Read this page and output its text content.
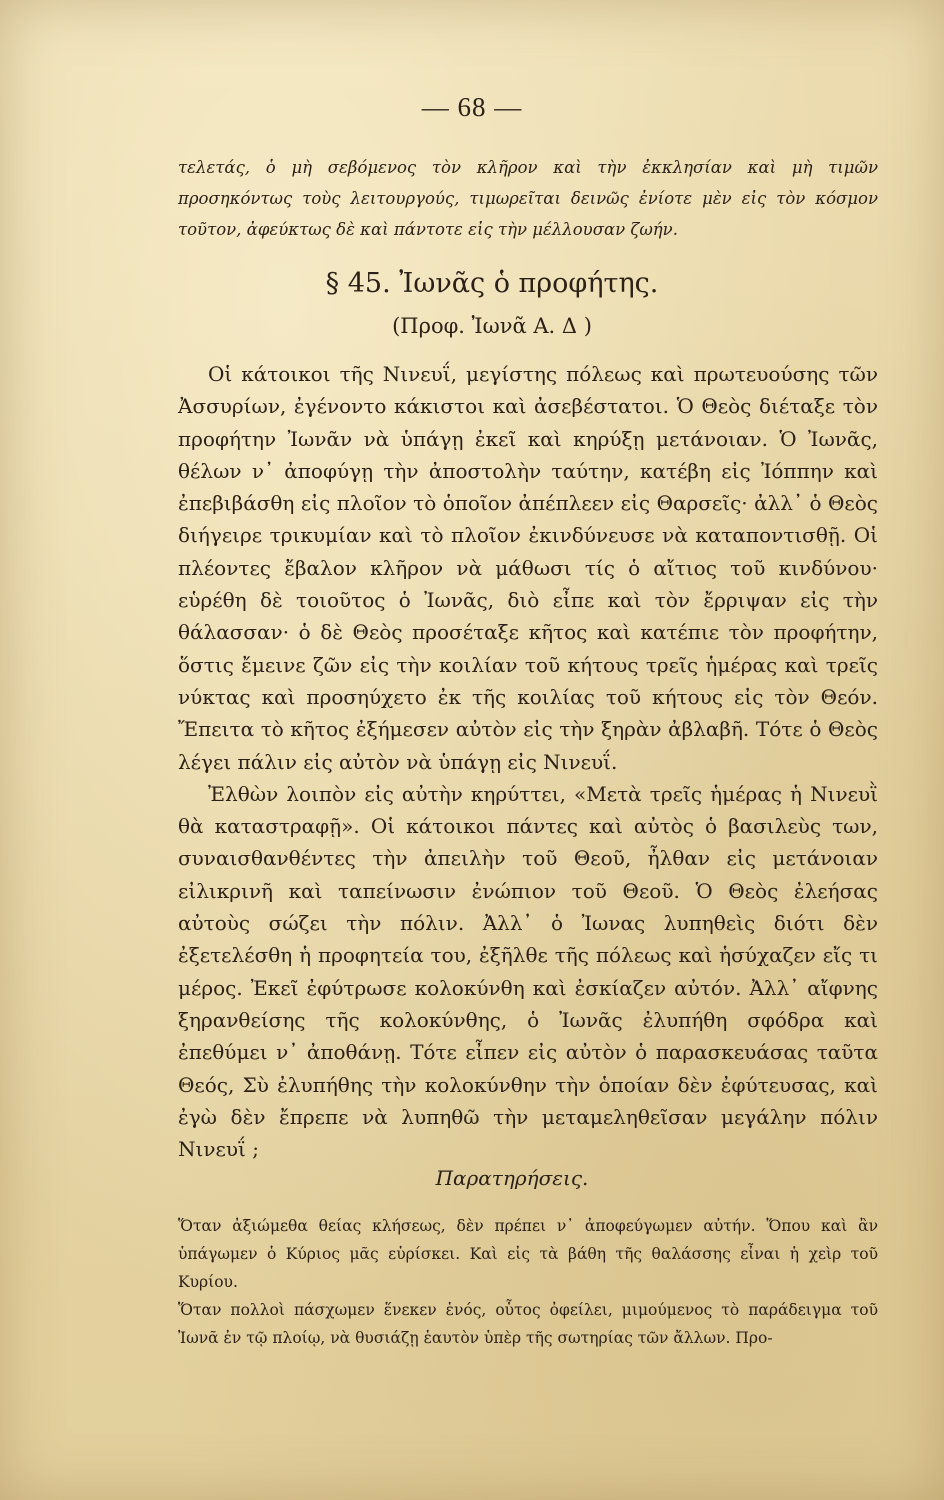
— 68 —
τελετάς, ὁ μὴ σεβόμενος τὸν κλῆρον καὶ τὴν ἐκκλησίαν καὶ μὴ τιμῶν προσηκόντως τοὺς λειτουργούς, τιμωρεῖται δεινῶς ἐνίοτε μὲν εἰς τὸν κόσμον τοῦτον, ἀφεύκτως δὲ καὶ πάντοτε εἰς τὴν μέλλουσαν ζωήν.
§ 45. Ἰωνᾶς ὁ προφήτης.
(Προφ. Ἰωνᾶ Α. Δ )

Οἱ κάτοικοι τῆς Νινευΐ, μεγίστης πόλεως καὶ πρωτευούσης τῶν Ἀσσυρίων, ἐγένοντο κάκιστοι καὶ ἀσεβέστατοι. Ὁ Θεὸς διέταξε τὸν προφήτην Ἰωνᾶν νὰ ὑπάγῃ ἐκεῖ καὶ κηρύξῃ μετάνοιαν. Ὁ Ἰωνᾶς, θέλων ν᾿ ἀποφύγῃ τὴν ἀποστολὴν ταύτην, κατέβη εἰς Ἰόππην καὶ ἐπεβιβάσθη εἰς πλοῖον τὸ ὁποῖον ἀπέπλεεν εἰς Θαρσεῖς· ἀλλ᾿ ὁ Θεὸς διήγειρε τρικυμίαν καὶ τὸ πλοῖον ἐκινδύνευσε νὰ καταποντισθῇ. Οἱ πλέοντες ἔβαλον κλῆρον νὰ μάθωσι τίς ὁ αἴτιος τοῦ κινδύνου· εὑρέθη δὲ τοιοῦτος ὁ Ἰωνᾶς, διὸ εἶπε καὶ τὸν ἔρριψαν εἰς τὴν θάλασσαν· ὁ δὲ Θεὸς προσέταξε κῆτος καὶ κατέπιε τὸν προφήτην, ὅστις ἔμεινε ζῶν εἰς τὴν κοιλίαν τοῦ κήτους τρεῖς ἡμέρας καὶ τρεῖς νύκτας καὶ προσηύχετο ἐκ τῆς κοιλίας τοῦ κήτους εἰς τὸν Θεόν. Ἔπειτα τὸ κῆτος ἐξήμεσεν αὐτὸν εἰς τὴν ξηρὰν ἀβλαβῆ. Τότε ὁ Θεὸς λέγει πάλιν εἰς αὐτὸν νὰ ὑπάγῃ εἰς Νινευΐ.

Ἐλθὼν λοιπὸν εἰς αὐτὴν κηρύττει, «Μετὰ τρεῖς ἡμέρας ἡ Νινευῒ θὰ καταστραφῇ». Οἱ κάτοικοι πάντες καὶ αὐτὸς ὁ βασιλεὺς των, συναισθανθέντες τὴν ἀπειλὴν τοῦ Θεοῦ, ἦλθαν εἰς μετάνοιαν εἰλικρινῆ καὶ ταπείνωσιν ἐνώπιον τοῦ Θεοῦ. Ὁ Θεὸς ἐλεήσας αὐτοὺς σώζει τὴν πόλιν. Ἀλλ᾿ ὁ Ἰωνας λυπηθεὶς διότι δὲν ἐξετελέσθη ἡ προφητεία του, ἐξῆλθε τῆς πόλεως καὶ ἡσύχαζεν εἴς τι μέρος. Ἐκεῖ ἐφύτρωσε κολοκύνθη καὶ ἐσκίαζεν αὐτόν. Ἀλλ᾿ αἴφνης ξηρανθείσης τῆς κολοκύνθης, ὁ Ἰωνᾶς ἐλυπήθη σφόδρα καὶ ἐπεθύμει ν᾿ ἀποθάνῃ. Τότε εἶπεν εἰς αὐτὸν ὁ παρασκευάσας ταῦτα Θεός, Σὺ ἐλυπήθης τὴν κολοκύνθην τὴν ὁποίαν δὲν ἐφύτευσας, καὶ ἐγὼ δὲν ἔπρεπε νὰ λυπηθῶ τὴν μεταμεληθεῖσαν μεγάλην πόλιν Νινευΐ ;

Παρατηρήσεις.

Ὅταν ἀξιώμεθα θείας κλήσεως, δὲν πρέπει ν᾿ ἀποφεύγωμεν αὐτήν. Ὅπου καὶ ἂν ὑπάγωμεν ὁ Κύριος μᾶς εὑρίσκει. Καὶ εἰς τὰ βάθη τῆς θαλάσσης εἶναι ἡ χεὶρ τοῦ Κυρίου.

Ὅταν πολλοὶ πάσχωμεν ἕνεκεν ἑνός, οὗτος ὀφείλει, μιμούμενος τὸ παράδειγμα τοῦ Ἰωνᾶ ἐν τῷ πλοίῳ, νὰ θυσιάζῃ ἑαυτὸν ὑπὲρ τῆς σωτηρίας τῶν ἄλλων. Προ-
